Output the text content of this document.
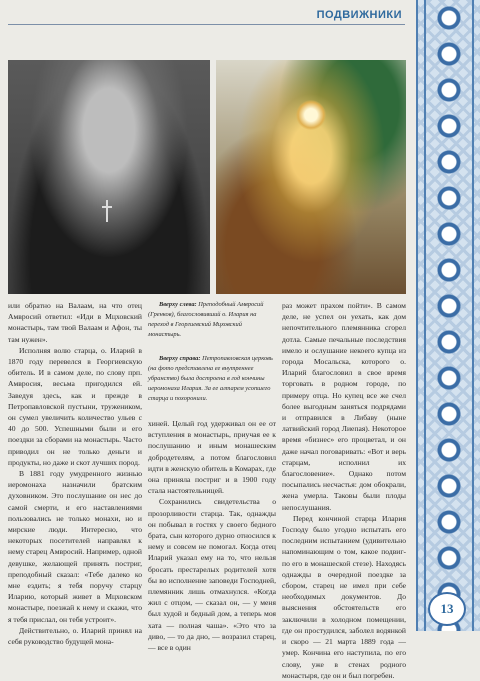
ПОДВИЖНИКИ

или обратно на Валаам, на что отец Амвросий ответил: «Иди в Мцховский монастырь, там твой Валаам и Афон, ты там нужен».

Исполняя волю старца, о. Иларий в 1870 году перевелся в Георгиевскую обитель. И в самом деле, по слову прп. Амвросия, весьма пригодился ей. Заведуя здесь, как и прежде в Петропавловской пустыни, тружеником, он сумел увеличить количество ульев с 40 до 500. Успешными были и его поездки за сборами на монастырь. Часто приводил он не только деньги и продукты, но даже и скот лучших пород.

В 1881 году умудренного жизнью иеромонаха назначили братским духовником. Это послушание он нес до самой смерти, и его наставлениями пользовались не только монахи, но и мирские люди. Интересно, что некоторых посетителей направлял к нему старец Амвросий. Например, одной девушке, желающей принять постриг, преподобный сказал: «Тебе далеко ко мне ездить; я тебя поручу старцу Иларию, который живет в Мцховском монастыре, поезжай к нему и скажи, что я тебя прислал, он тебя устроит».

Действительно, о. Иларий принял на себя руководство будущей мона-

Вверху слева: Преподобный Амвросий (Гренков), благословивший о. Илария на переход в Георгиевский Мцховский монастырь.

Вверху справа: Петропавловская церковь (на фото представлена ее внутреннее убранство) была достроена в год кончины иеромонаха Илария. За ее алтарем усопшего старца и похоронили.

хиней. Целый год удерживал он ее от вступления в монастырь, приучая ее к послушанию и иным монашеским добродетелям, а потом благословил идти в женскую обитель в Комарах, где она приняла постриг и в 1900 году стала настоятельницей.

Сохранились свидетельства о прозорливости старца. Так, однажды он побывал в гостях у своего бедного брата, сын которого дурно относился к нему и совсем не помогал. Когда отец Иларий указал ему на то, что нельзя бросать престарелых родителей хотя бы во исполнение заповеди Господней, племянник лишь отмахнулся. «Когда жил с отцом, — сказал он, — у меня был худой и бедный дом, а теперь моя хата — полная чаша». «Это что за диво, — то да дно, — возразил старец, — все в один

раз может прахом пойти». В самом деле, не успел он уехать, как дом непочтительного племянника сгорел дотла. Самые печальные последствия имело и ослушание некоего купца из города Мосальска, которого о. Иларий благословил в свое время торговать в родном городе, по примеру отца. Но купец все же счел более выгодным заняться подрядами и отправился в Либаву (ныне латвийский город Лиепая). Некоторое время «бизнес» его процветал, и он даже начал поговаривать: «Вот и верь старцам, исполнил их благословение». Однако потом посыпались несчастья: дом обокрали, жена умерла. Таковы были плоды непослушания.

Перед кончиной старца Илария Господу было угодно испытать его последним испытанием (удивительно напоминающим о том, какое подвиг-по его в монашеской стезе). Находясь однажды в очередной поездке за сбором, старец не имел при себе необходимых документов. До выяснения обстоятельств его заключили в холодном помещении, где он простудился, заболел водянкой и скоро — 21 марта 1889 года — умер. Кончина его наступила, по его слову, уже в стенах родного монастыря, где он и был погребен.

13
